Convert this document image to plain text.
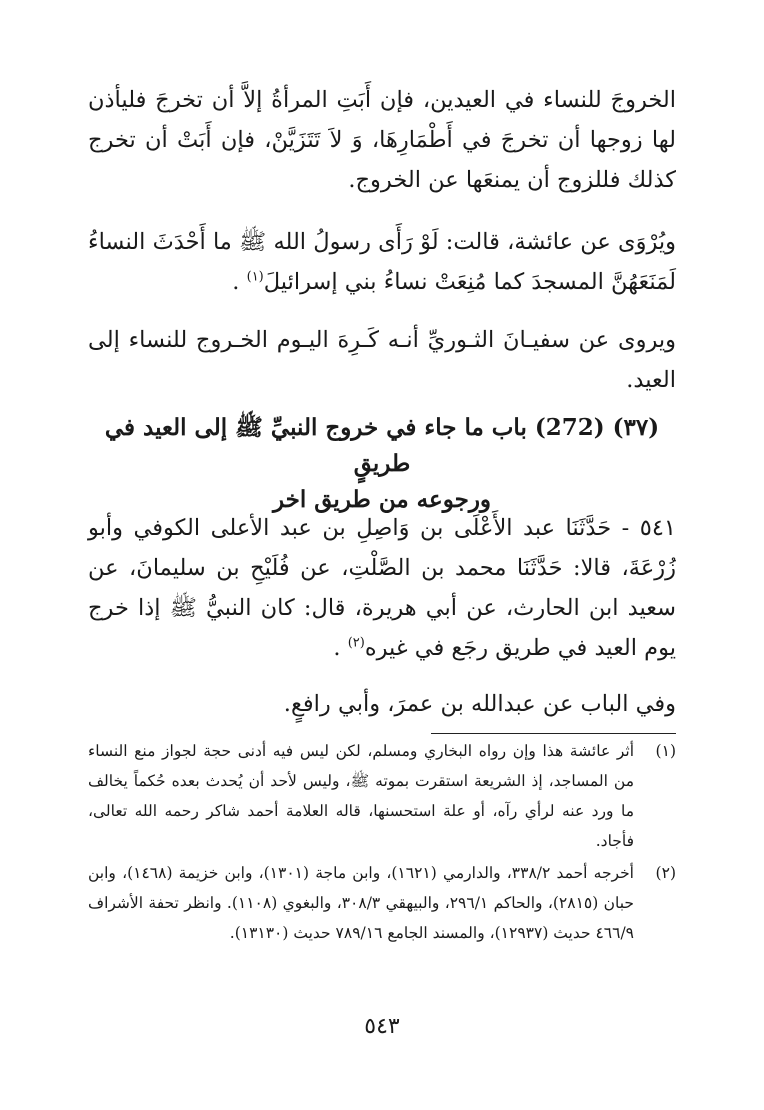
الخروجَ للنساء في العيدين، فإن أَبَتِ المرأةُ إلاَّ أن تخرجَ فليأذن لها زوجها أن تخرجَ في أَطْمَارِهَا، وَ لاَ تَتَزَيَّنْ، فإن أَبَتْ أن تخرج كذلك فللزوج أن يمنعَها عن الخروج.

ويُرْوَى عن عائشة، قالت: لَوْ رَأَى رسولُ الله ﷺ ما أَحْدَثَ النساءُ لَمَنَعَهُنَّ المسجدَ كما مُنِعَتْ نساءُ بني إسرائيلَ$^{(١)}$ .

ويروى عن سفيـانَ الثـوريِّ أنـه كَـرِهَ اليـوم الخـروج للنساء إلى العيد.

(٣٧) (272) باب ما جاء في خروج النبيِّ ﷺ إلى العيد في طريقٍ
ورجوعه من طريق اخر

٥٤١ - حَدَّثَنَا عبد الأَعْلَى بن وَاصِلِ بن عبد الأعلى الكوفي وأبو زُرْعَةَ، قالا: حَدَّثَنَا محمد بن الصَّلْتِ، عن فُلَيْحِ بن سليمانَ، عن سعيد ابن الحارث، عن أبي هريرة، قال: كان النبيُّ ﷺ إذا خرج يوم العيد في طريق رجَع في غيره$^{(٢)}$ .

وفي الباب عن عبدالله بن عمرَ، وأبي رافعٍ.

(١)
أثر عائشة هذا وإن رواه البخاري ومسلم، لكن ليس فيه أدنى حجة لجواز منع النساء من المساجد، إذ الشريعة استقرت بموته ﷺ، وليس لأحد أن يُحدث بعده حُكماً يخالف ما ورد عنه لرأي رآه، أو علة استحسنها، قاله العلامة أحمد شاكر رحمه الله تعالى، فأجاد.
(٢)
أخرجه أحمد ٣٣٨/٢، والدارمي (١٦٢١)، وابن ماجة (١٣٠١)، وابن خزيمة (١٤٦٨)، وابن حبان (٢٨١٥)، والحاكم ٢٩٦/١، والبيهقي ٣٠٨/٣، والبغوي (١١٠٨). وانظر تحفة الأشراف ٤٦٦/٩ حديث (١٢٩٣٧)، والمسند الجامع ٧٨٩/١٦ حديث (١٣١٣٠).
٥٤٣
